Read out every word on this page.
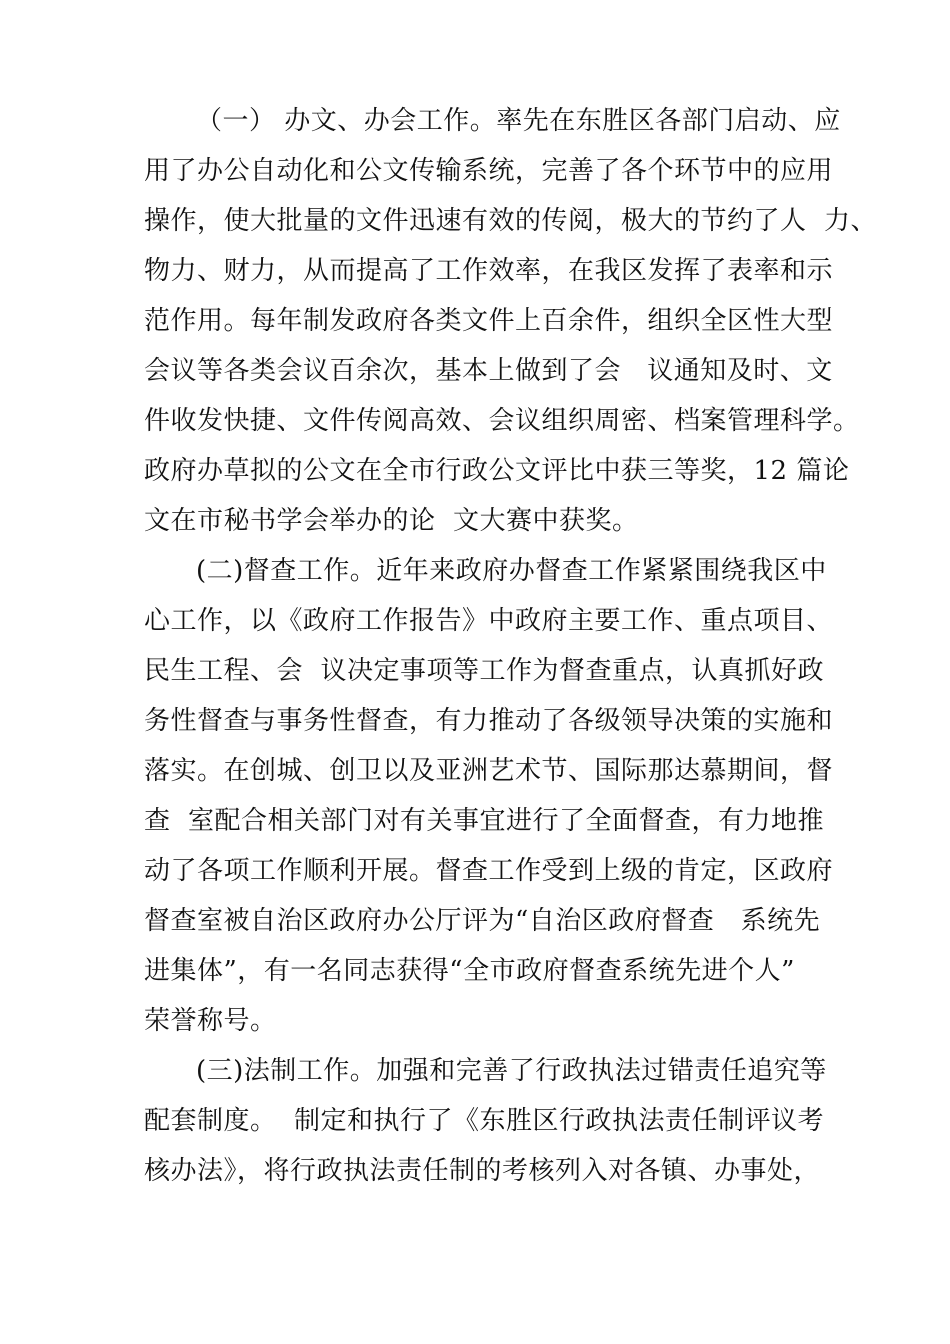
（一） 办文、办会工作。率先在东胜区各部门启动、应
用了办公自动化和公文传输系统，完善了各个环节中的应用
操作，使大批量的文件迅速有效的传阅，极大的节约了人  力、
物力、财力，从而提高了工作效率，在我区发挥了表率和示
范作用。每年制发政府各类文件上百余件，组织全区性大型
会议等各类会议百余次，基本上做到了会   议通知及时、文
件收发快捷、文件传阅高效、会议组织周密、档案管理科学。
政府办草拟的公文在全市行政公文评比中获三等奖，12 篇论
文在市秘书学会举办的论  文大赛中获奖。
(二)督查工作。近年来政府办督查工作紧紧围绕我区中
心工作，以《政府工作报告》中政府主要工作、重点项目、
民生工程、会  议决定事项等工作为督查重点，认真抓好政
务性督查与事务性督查，有力推动了各级领导决策的实施和
落实。在创城、创卫以及亚洲艺术节、国际那达慕期间，督
查  室配合相关部门对有关事宜进行了全面督查，有力地推
动了各项工作顺利开展。督查工作受到上级的肯定，区政府
督查室被自治区政府办公厅评为“自治区政府督查   系统先
进集体”，有一名同志获得“全市政府督查系统先进个人”
荣誉称号。
(三)法制工作。加强和完善了行政执法过错责任追究等
配套制度。  制定和执行了《东胜区行政执法责任制评议考
核办法》，将行政执法责任制的考核列入对各镇、办事处，
